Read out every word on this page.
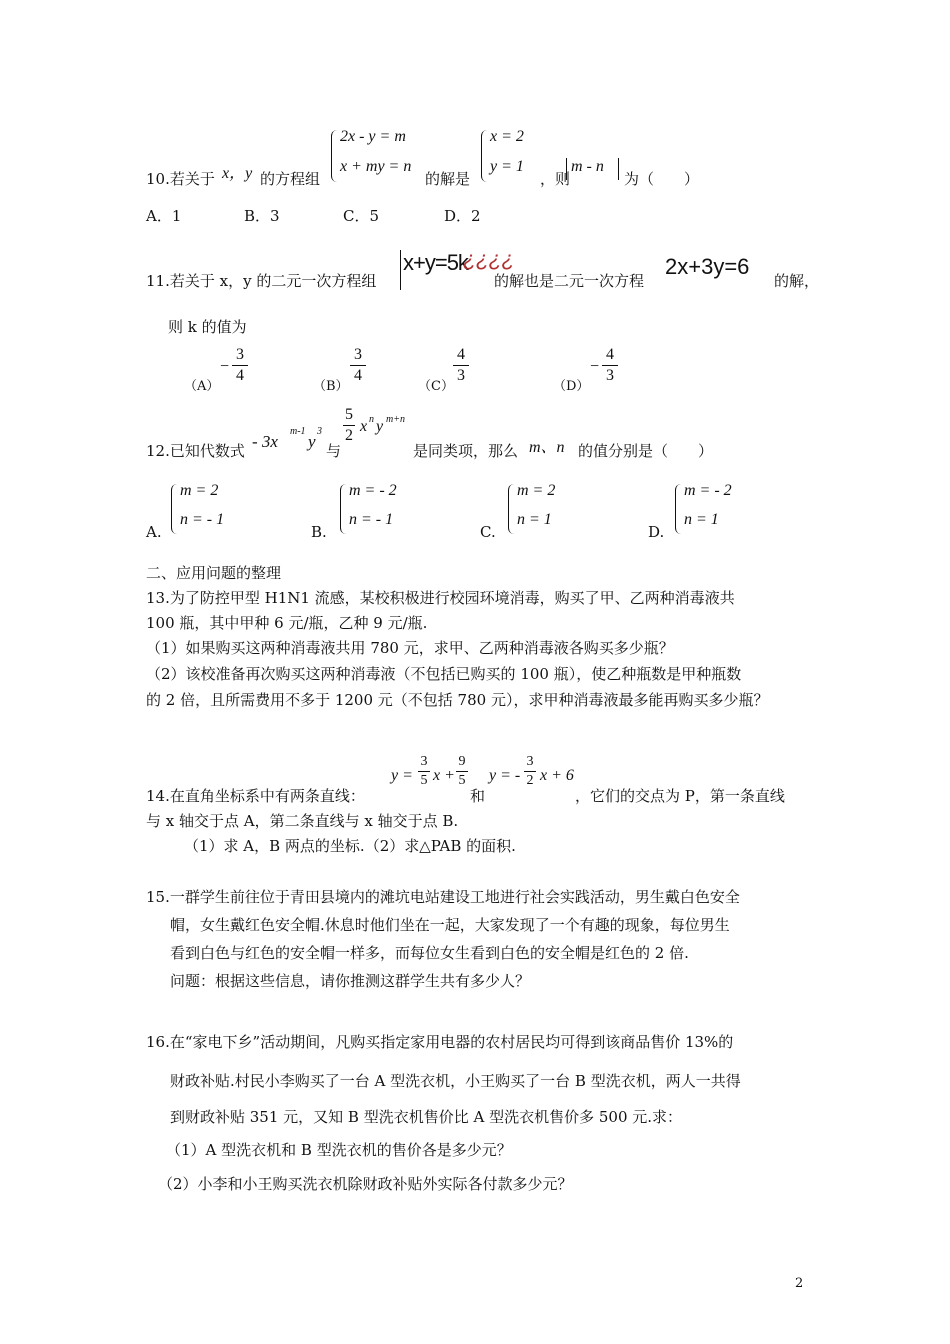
10.若关于 x，y 的方程组
2x - y = m
x + my = n
的解是
x = 2
y = 1
，则
m - n
为（　　）
A．1	B．3	C．5	D．2
11.若关于 x，y 的二元一次方程组
x+y=5k
¿¿¿¿
的解也是二元一次方程
2x+3y=6
的解，
则 k 的值为
（A）
−
3
4
（B）
3
4
（C）
4
3
（D）
−
4
3
12.已知代数式 - 3x
m-1
y
3
与
5
2
x n y m+n
是同类项，那么 m、n 的值分别是（　　）
A.
m = 2
n = - 1
B.
m = - 2
n = - 1
C.
m = 2
n = 1
D.
m = - 2
n = 1
二、应用问题的整理
13.为了防控甲型 H1N1 流感，某校积极进行校园环境消毒，购买了甲、乙两种消毒液共
100 瓶，其中甲种 6 元/瓶，乙种 9 元/瓶.
（1）如果购买这两种消毒液共用 780 元，求甲、乙两种消毒液各购买多少瓶？
（2）该校准备再次购买这两种消毒液（不包括已购买的 100 瓶），使乙种瓶数是甲种瓶数
的 2 倍，且所需费用不多于 1200 元（不包括 780 元），求甲种消毒液最多能再购买多少瓶？
14.在直角坐标系中有两条直线：
y =
3
5 x +
9
5
和
y = -
3
2 x + 6
，它们的交点为 P，第一条直线
与 x 轴交于点 A，第二条直线与 x 轴交于点 B.
（1）求 A，B 两点的坐标.（2）求△PAB 的面积.
15.一群学生前往位于青田县境内的滩坑电站建设工地进行社会实践活动，男生戴白色安全
帽，女生戴红色安全帽.休息时他们坐在一起，大家发现了一个有趣的现象，每位男生
看到白色与红色的安全帽一样多，而每位女生看到白色的安全帽是红色的 2 倍.
问题：根据这些信息，请你推测这群学生共有多少人？
16.在“家电下乡”活动期间，凡购买指定家用电器的农村居民均可得到该商品售价 13%的
财政补贴.村民小李购买了一台 A 型洗衣机，小王购买了一台 B 型洗衣机，两人一共得
到财政补贴 351 元，又知 B 型洗衣机售价比 A 型洗衣机售价多 500 元.求：
（1）A 型洗衣机和 B 型洗衣机的售价各是多少元？
（2）小李和小王购买洗衣机除财政补贴外实际各付款多少元？
2
